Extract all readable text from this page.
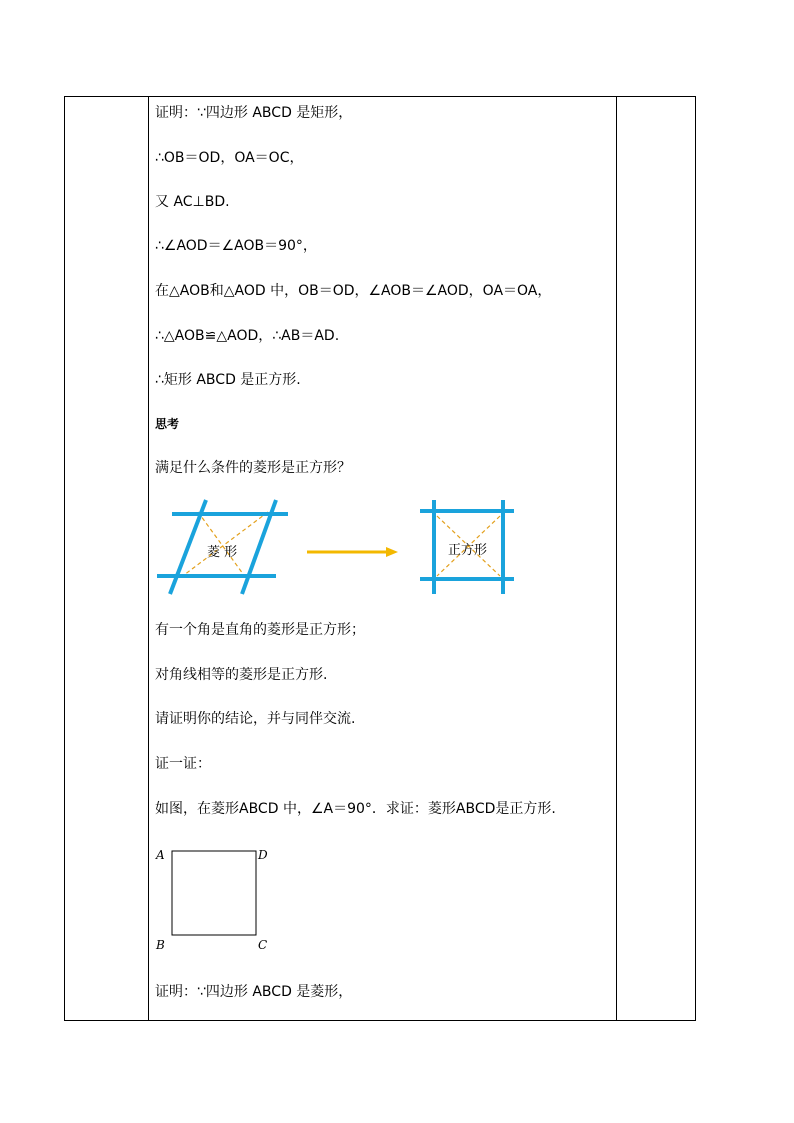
证明：∵四边形 ABCD 是矩形，
∴OB＝OD，OA＝OC，
又 AC⊥BD.
∴∠AOD＝∠AOB＝90°，
在△AOB和△AOD 中，OB＝OD，∠AOB＝∠AOD，OA＝OA，
∴△AOB≌△AOD，∴AB＝AD.
∴矩形 ABCD 是正方形.
思考
满足什么条件的菱形是正方形？
菱 形	正方形
有一个角是直角的菱形是正方形；
对角线相等的菱形是正方形.
请证明你的结论，并与同伴交流.
证一证：
如图，在菱形ABCD 中，∠A＝90°．求证：菱形ABCD是正方形.
A	D
B	C
证明：∵四边形 ABCD 是菱形，
